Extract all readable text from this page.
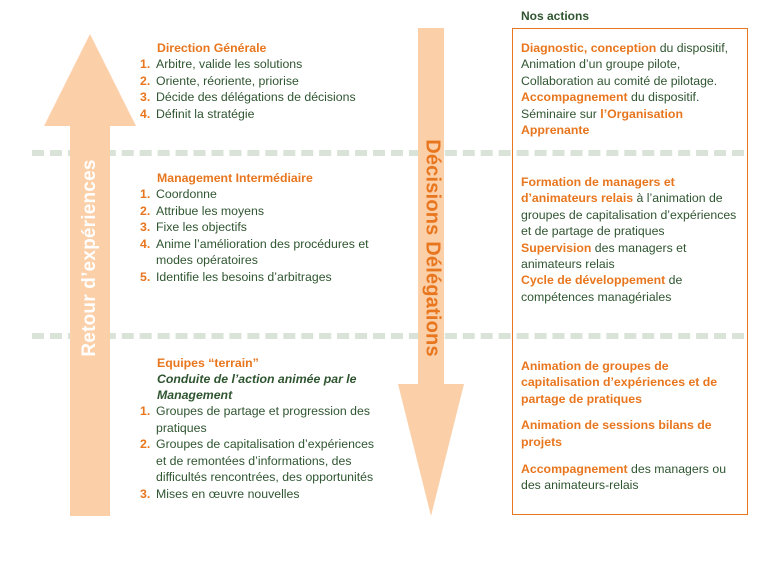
Retour d’expériences	Décisions Délégations
Nos actions
Direction Générale
1. Arbitre, valide les solutions
2. Oriente, réoriente, priorise
3. Décide des délégations de décisions
4. Définit la stratégie
Management Intermédiaire
1. Coordonne
2. Attribue les moyens
3. Fixe les objectifs
4. Anime l’amélioration des procédures et modes opératoires
5. Identifie les besoins d’arbitrages
Equipes “terrain”
Conduite de l’action animée par le Management
1. Groupes de partage et progression des pratiques
2. Groupes de capitalisation d’expériences et de remontées d’informations, des difficultés rencontrées, des opportunités
3. Mises en œuvre nouvelles
Diagnostic, conception du dispositif, Animation d’un groupe pilote, Collaboration au comité de pilotage.
Accompagnement du dispositif. Séminaire sur l’Organisation Apprenante
Formation de managers et d’animateurs relais à l’animation de groupes de capitalisation d’expériences et de partage de pratiques
Supervision des managers et animateurs relais
Cycle de développement de compétences managériales
Animation de groupes de capitalisation d’expériences et de partage de pratiques
Animation de sessions bilans de projets
Accompagnement des managers ou des animateurs-relais
